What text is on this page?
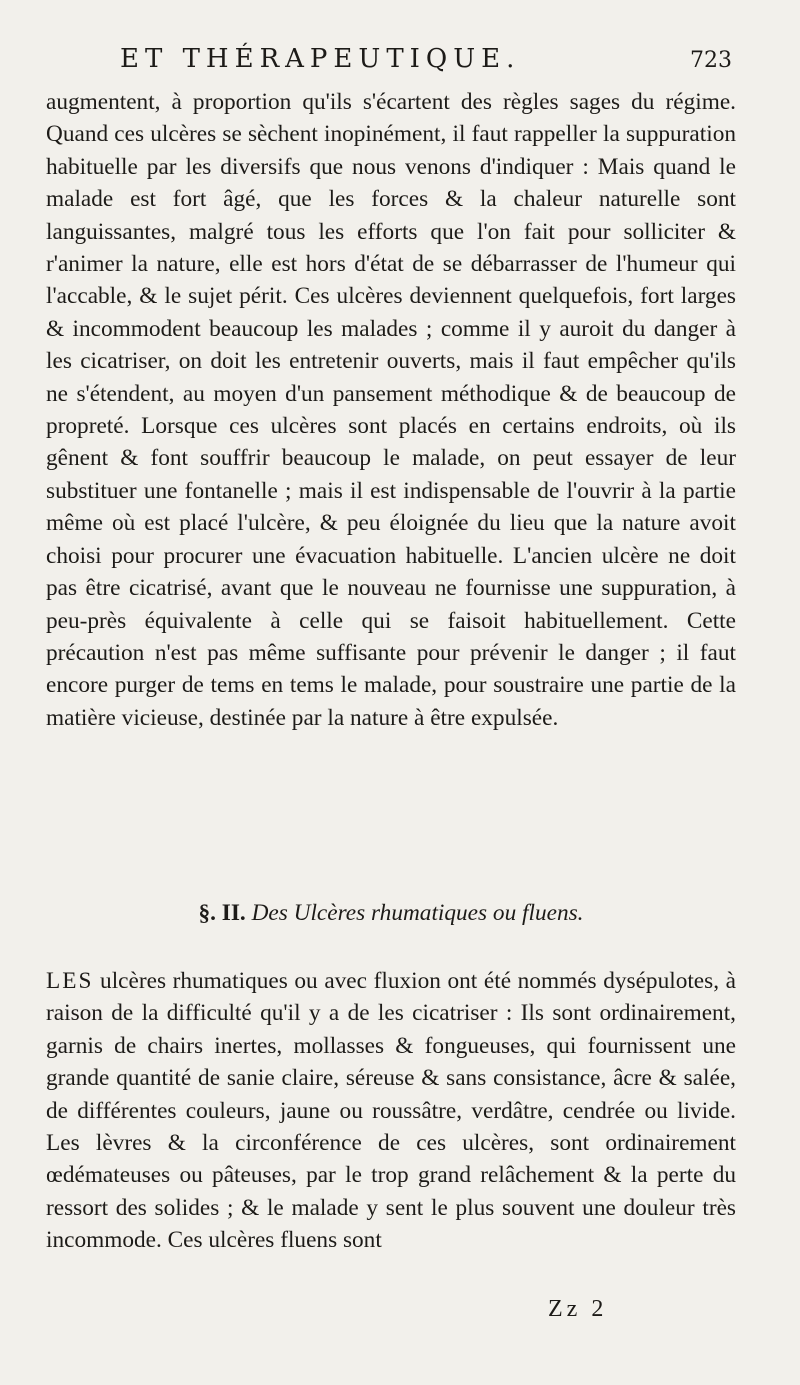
ET THÉRAPEUTIQUE.	723

augmentent, à proportion qu'ils s'écartent des règles sages du régime. Quand ces ulcères se sèchent inopinément, il faut rappeller la suppuration habituelle par les diversifs que nous venons d'indiquer : Mais quand le malade est fort âgé, que les forces & la chaleur naturelle sont languissantes, malgré tous les efforts que l'on fait pour solliciter & r'animer la nature, elle est hors d'état de se débarrasser de l'humeur qui l'accable, & le sujet périt. Ces ulcères deviennent quelquefois, fort larges & incommodent beaucoup les malades ; comme il y auroit du danger à les cicatriser, on doit les entretenir ouverts, mais il faut empêcher qu'ils ne s'étendent, au moyen d'un pansement méthodique & de beaucoup de propreté. Lorsque ces ulcères sont placés en certains endroits, où ils gênent & font souffrir beaucoup le malade, on peut essayer de leur substituer une fontanelle ; mais il est indispensable de l'ouvrir à la partie même où est placé l'ulcère, & peu éloignée du lieu que la nature avoit choisi pour procurer une évacuation habituelle. L'ancien ulcère ne doit pas être cicatrisé, avant que le nouveau ne fournisse une suppuration, à peu-près équivalente à celle qui se faisoit habituellement. Cette précaution n'est pas même suffisante pour prévenir le danger ; il faut encore purger de tems en tems le malade, pour soustraire une partie de la matière vicieuse, destinée par la nature à être expulsée.

§. II. Des Ulcères rhumatiques ou fluens.

LES ulcères rhumatiques ou avec fluxion ont été nommés dysépulotes, à raison de la difficulté qu'il y a de les cicatriser : Ils sont ordinairement, garnis de chairs inertes, mollasses & fongueuses, qui fournissent une grande quantité de sanie claire, séreuse & sans consistance, âcre & salée, de différentes couleurs, jaune ou roussâtre, verdâtre, cendrée ou livide. Les lèvres & la circonférence de ces ulcères, sont ordinairement œdémateuses ou pâteuses, par le trop grand relâchement & la perte du ressort des solides ; & le malade y sent le plus souvent une douleur très incommode. Ces ulcères fluens sont

Zz 2
